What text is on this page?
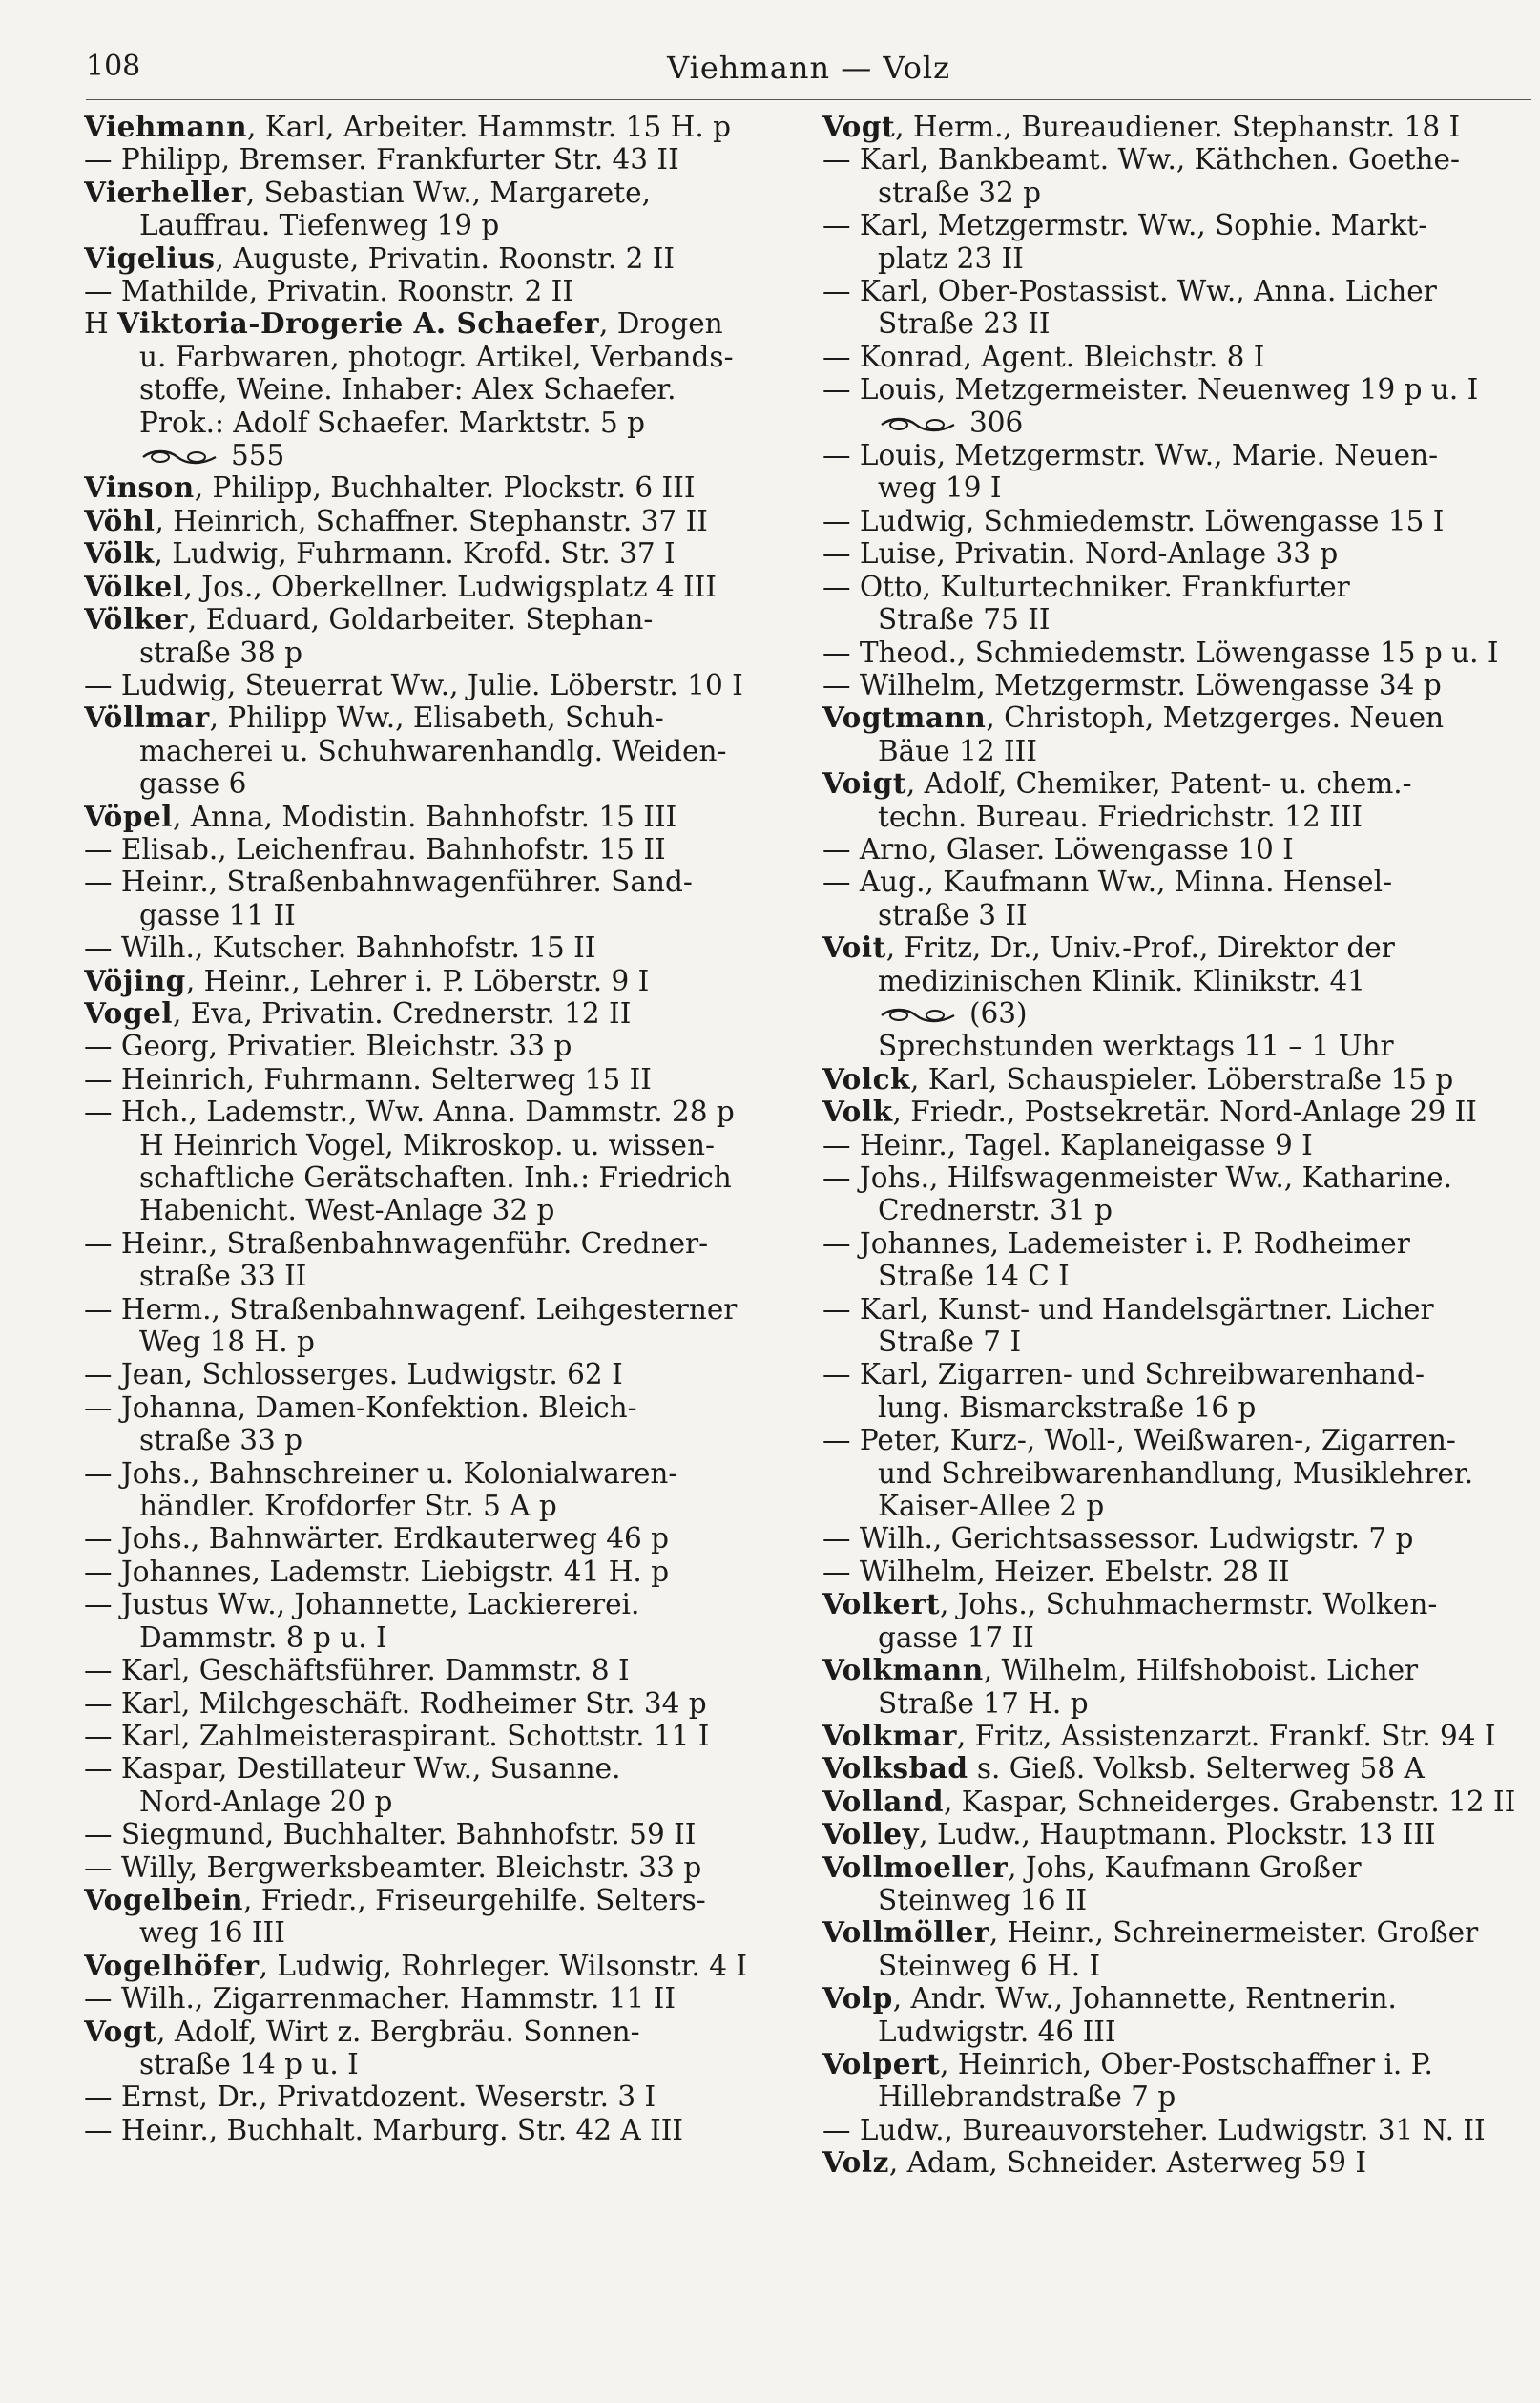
108	Viehmann — Volz
Viehmann, Karl, Arbeiter. Hammstr. 15 H. p
— Philipp, Bremser. Frankfurter Str. 43 II
Vierheller, Sebastian Ww., Margarete,
Lauffrau. Tiefenweg 19 p
Vigelius, Auguste, Privatin. Roonstr. 2 II
— Mathilde, Privatin. Roonstr. 2 II
H Viktoria-Drogerie A. Schaefer, Drogen
u. Farbwaren, photogr. Artikel, Verbands-
stoffe, Weine. Inhaber: Alex Schaefer.
Prok.: Adolf Schaefer. Marktstr. 5 p
555
Vinson, Philipp, Buchhalter. Plockstr. 6 III
Vöhl, Heinrich, Schaffner. Stephanstr. 37 II
Völk, Ludwig, Fuhrmann. Krofd. Str. 37 I
Völkel, Jos., Oberkellner. Ludwigsplatz 4 III
Völker, Eduard, Goldarbeiter. Stephan-
straße 38 p
— Ludwig, Steuerrat Ww., Julie. Löberstr. 10 I
Völlmar, Philipp Ww., Elisabeth, Schuh-
macherei u. Schuhwarenhandlg. Weiden-
gasse 6
Vöpel, Anna, Modistin. Bahnhofstr. 15 III
— Elisab., Leichenfrau. Bahnhofstr. 15 II
— Heinr., Straßenbahnwagenführer. Sand-
gasse 11 II
— Wilh., Kutscher. Bahnhofstr. 15 II
Vöjing, Heinr., Lehrer i. P. Löberstr. 9 I
Vogel, Eva, Privatin. Crednerstr. 12 II
— Georg, Privatier. Bleichstr. 33 p
— Heinrich, Fuhrmann. Selterweg 15 II
— Hch., Lademstr., Ww. Anna. Dammstr. 28 p
H Heinrich Vogel, Mikroskop. u. wissen-
schaftliche Gerätschaften. Inh.: Friedrich
Habenicht. West-Anlage 32 p
— Heinr., Straßenbahnwagenführ. Credner-
straße 33 II
— Herm., Straßenbahnwagenf. Leihgesterner
Weg 18 H. p
— Jean, Schlosserges. Ludwigstr. 62 I
— Johanna, Damen-Konfektion. Bleich-
straße 33 p
— Johs., Bahnschreiner u. Kolonialwaren-
händler. Krofdorfer Str. 5 A p
— Johs., Bahnwärter. Erdkauterweg 46 p
— Johannes, Lademstr. Liebigstr. 41 H. p
— Justus Ww., Johannette, Lackiererei.
Dammstr. 8 p u. I
— Karl, Geschäftsführer. Dammstr. 8 I
— Karl, Milchgeschäft. Rodheimer Str. 34 p
— Karl, Zahlmeisteraspirant. Schottstr. 11 I
— Kaspar, Destillateur Ww., Susanne.
Nord-Anlage 20 p
— Siegmund, Buchhalter. Bahnhofstr. 59 II
— Willy, Bergwerksbeamter. Bleichstr. 33 p
Vogelbein, Friedr., Friseurgehilfe. Selters-
weg 16 III
Vogelhöfer, Ludwig, Rohrleger. Wilsonstr. 4 I
— Wilh., Zigarrenmacher. Hammstr. 11 II
Vogt, Adolf, Wirt z. Bergbräu. Sonnen-
straße 14 p u. I
— Ernst, Dr., Privatdozent. Weserstr. 3 I
— Heinr., Buchhalt. Marburg. Str. 42 A III
Vogt, Herm., Bureaudiener. Stephanstr. 18 I
— Karl, Bankbeamt. Ww., Käthchen. Goethe-
straße 32 p
— Karl, Metzgermstr. Ww., Sophie. Markt-
platz 23 II
— Karl, Ober-Postassist. Ww., Anna. Licher
Straße 23 II
— Konrad, Agent. Bleichstr. 8 I
— Louis, Metzgermeister. Neuenweg 19 p u. I
306
— Louis, Metzgermstr. Ww., Marie. Neuen-
weg 19 I
— Ludwig, Schmiedemstr. Löwengasse 15 I
— Luise, Privatin. Nord-Anlage 33 p
— Otto, Kulturtechniker. Frankfurter
Straße 75 II
— Theod., Schmiedemstr. Löwengasse 15 p u. I
— Wilhelm, Metzgermstr. Löwengasse 34 p
Vogtmann, Christoph, Metzgerges. Neuen
Bäue 12 III
Voigt, Adolf, Chemiker, Patent- u. chem.-
techn. Bureau. Friedrichstr. 12 III
— Arno, Glaser. Löwengasse 10 I
— Aug., Kaufmann Ww., Minna. Hensel-
straße 3 II
Voit, Fritz, Dr., Univ.-Prof., Direktor der
medizinischen Klinik. Klinikstr. 41
(63)
Sprechstunden werktags 11 – 1 Uhr
Volck, Karl, Schauspieler. Löberstraße 15 p
Volk, Friedr., Postsekretär. Nord-Anlage 29 II
— Heinr., Tagel. Kaplaneigasse 9 I
— Johs., Hilfswagenmeister Ww., Katharine.
Crednerstr. 31 p
— Johannes, Lademeister i. P. Rodheimer
Straße 14 C I
— Karl, Kunst- und Handelsgärtner. Licher
Straße 7 I
— Karl, Zigarren- und Schreibwarenhand-
lung. Bismarckstraße 16 p
— Peter, Kurz-, Woll-, Weißwaren-, Zigarren-
und Schreibwarenhandlung, Musiklehrer.
Kaiser-Allee 2 p
— Wilh., Gerichtsassessor. Ludwigstr. 7 p
— Wilhelm, Heizer. Ebelstr. 28 II
Volkert, Johs., Schuhmachermstr. Wolken-
gasse 17 II
Volkmann, Wilhelm, Hilfshoboist. Licher
Straße 17 H. p
Volkmar, Fritz, Assistenzarzt. Frankf. Str. 94 I
Volksbad s. Gieß. Volksb. Selterweg 58 A
Volland, Kaspar, Schneiderges. Grabenstr. 12 II
Volley, Ludw., Hauptmann. Plockstr. 13 III
Vollmoeller, Johs, Kaufmann Großer
Steinweg 16 II
Vollmöller, Heinr., Schreinermeister. Großer
Steinweg 6 H. I
Volp, Andr. Ww., Johannette, Rentnerin.
Ludwigstr. 46 III
Volpert, Heinrich, Ober-Postschaffner i. P.
Hillebrandstraße 7 p
— Ludw., Bureauvorsteher. Ludwigstr. 31 N. II
Volz, Adam, Schneider. Asterweg 59 I
